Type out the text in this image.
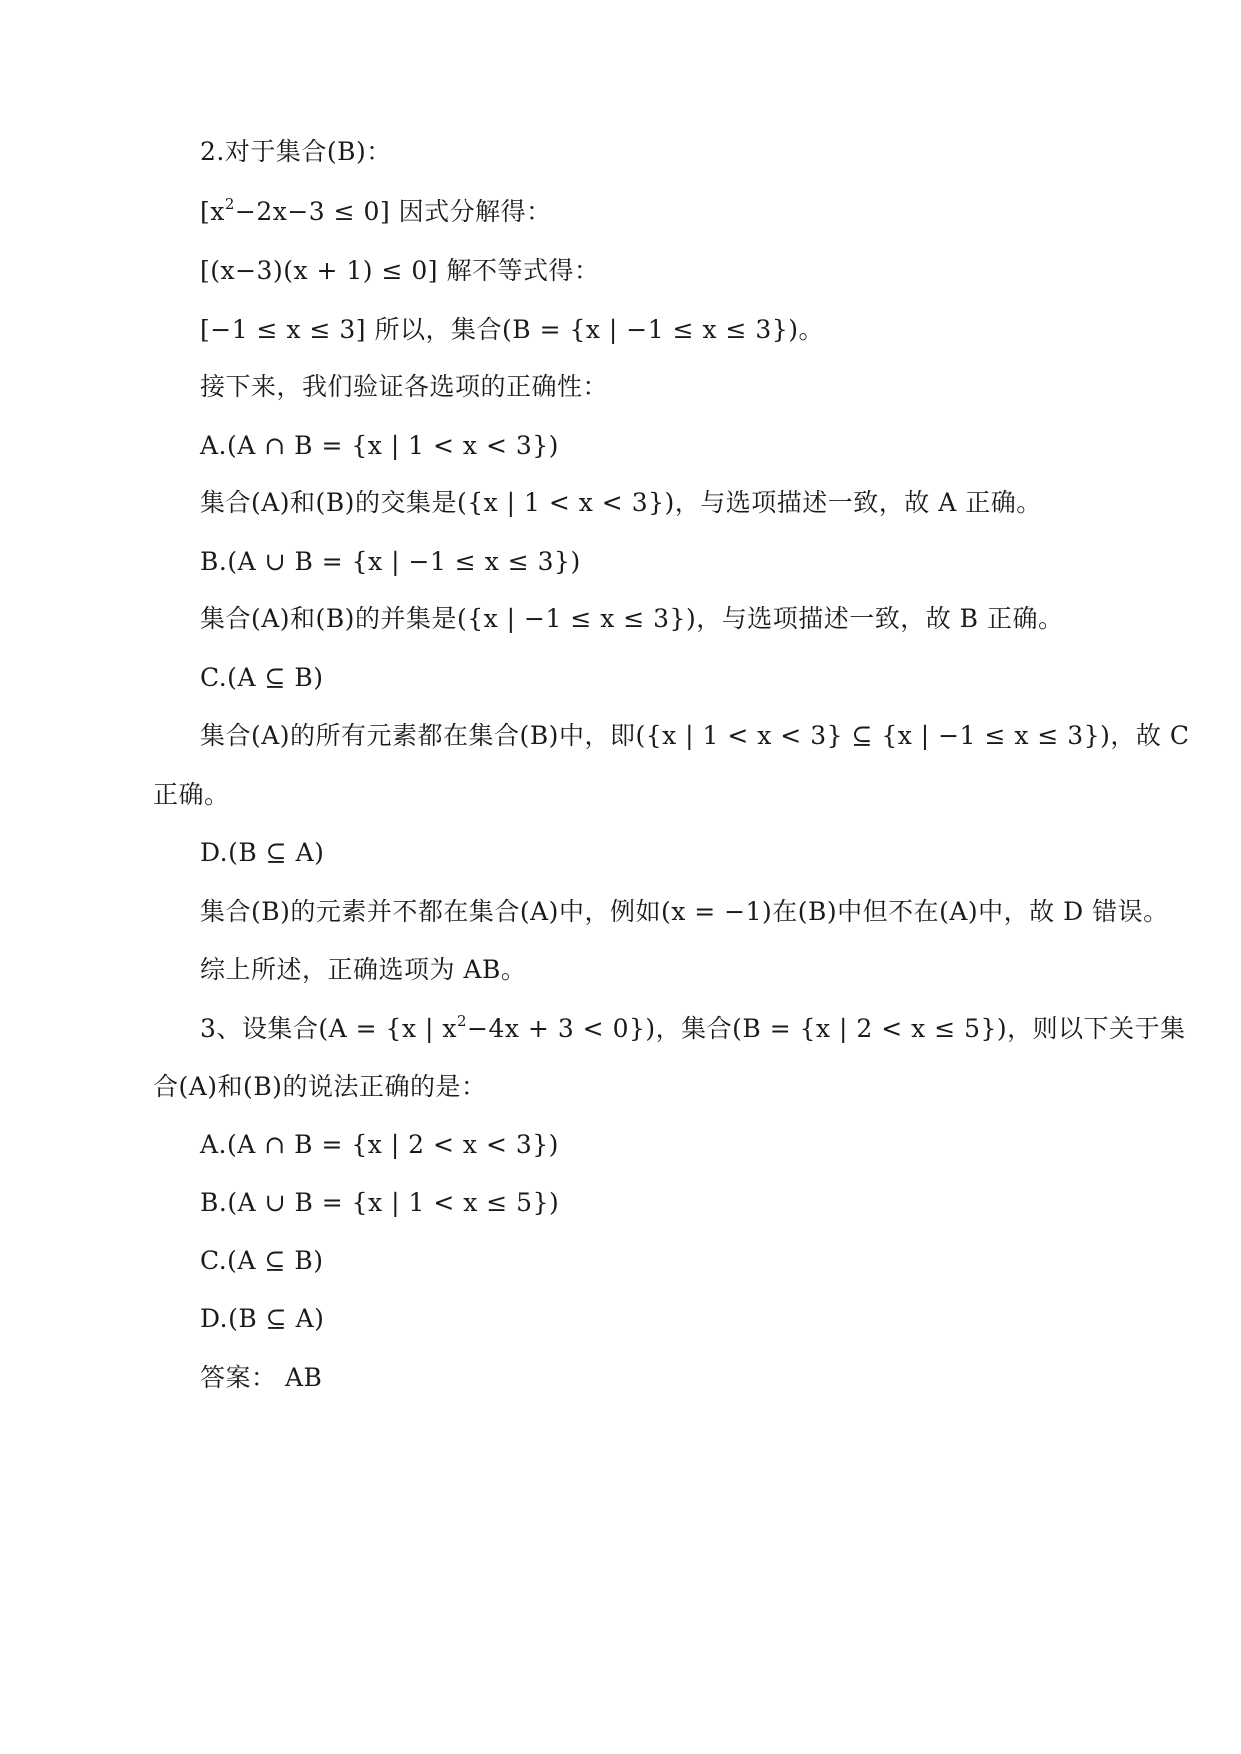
2.对于集合(B)：
$[x^2-2x-3 \le 0]$ 因式分解得：
[(x−3)(x + 1) ≤ 0] 解不等式得：
[−1 ≤ x ≤ 3] 所以，集合(B = {x | −1 ≤ x ≤ 3})。
接下来，我们验证各选项的正确性：
A.(A ∩ B = {x | 1 < x < 3})
集合(A)和(B)的交集是({x | 1 < x < 3})，与选项描述一致，故 A 正确。
B.(A ∪ B = {x | −1 ≤ x ≤ 3})
集合(A)和(B)的并集是({x | −1 ≤ x ≤ 3})，与选项描述一致，故 B 正确。
C.(A ⊆ B)
集合(A)的所有元素都在集合(B)中，即({x | 1 < x < 3} ⊆ {x | −1 ≤ x ≤ 3})，故 C
正确。
D.(B ⊆ A)
集合(B)的元素并不都在集合(A)中，例如(x = −1)在(B)中但不在(A)中，故 D 错误。
综上所述，正确选项为 AB。
3、设集合(A = {x | $x^2-4x + 3 < 0$})，集合(B = {x | 2 < x ≤ 5})，则以下关于集
合(A)和(B)的说法正确的是：
A.(A ∩ B = {x | 2 < x < 3})
B.(A ∪ B = {x | 1 < x ≤ 5})
C.(A ⊆ B)
D.(B ⊆ A)
答案： AB
